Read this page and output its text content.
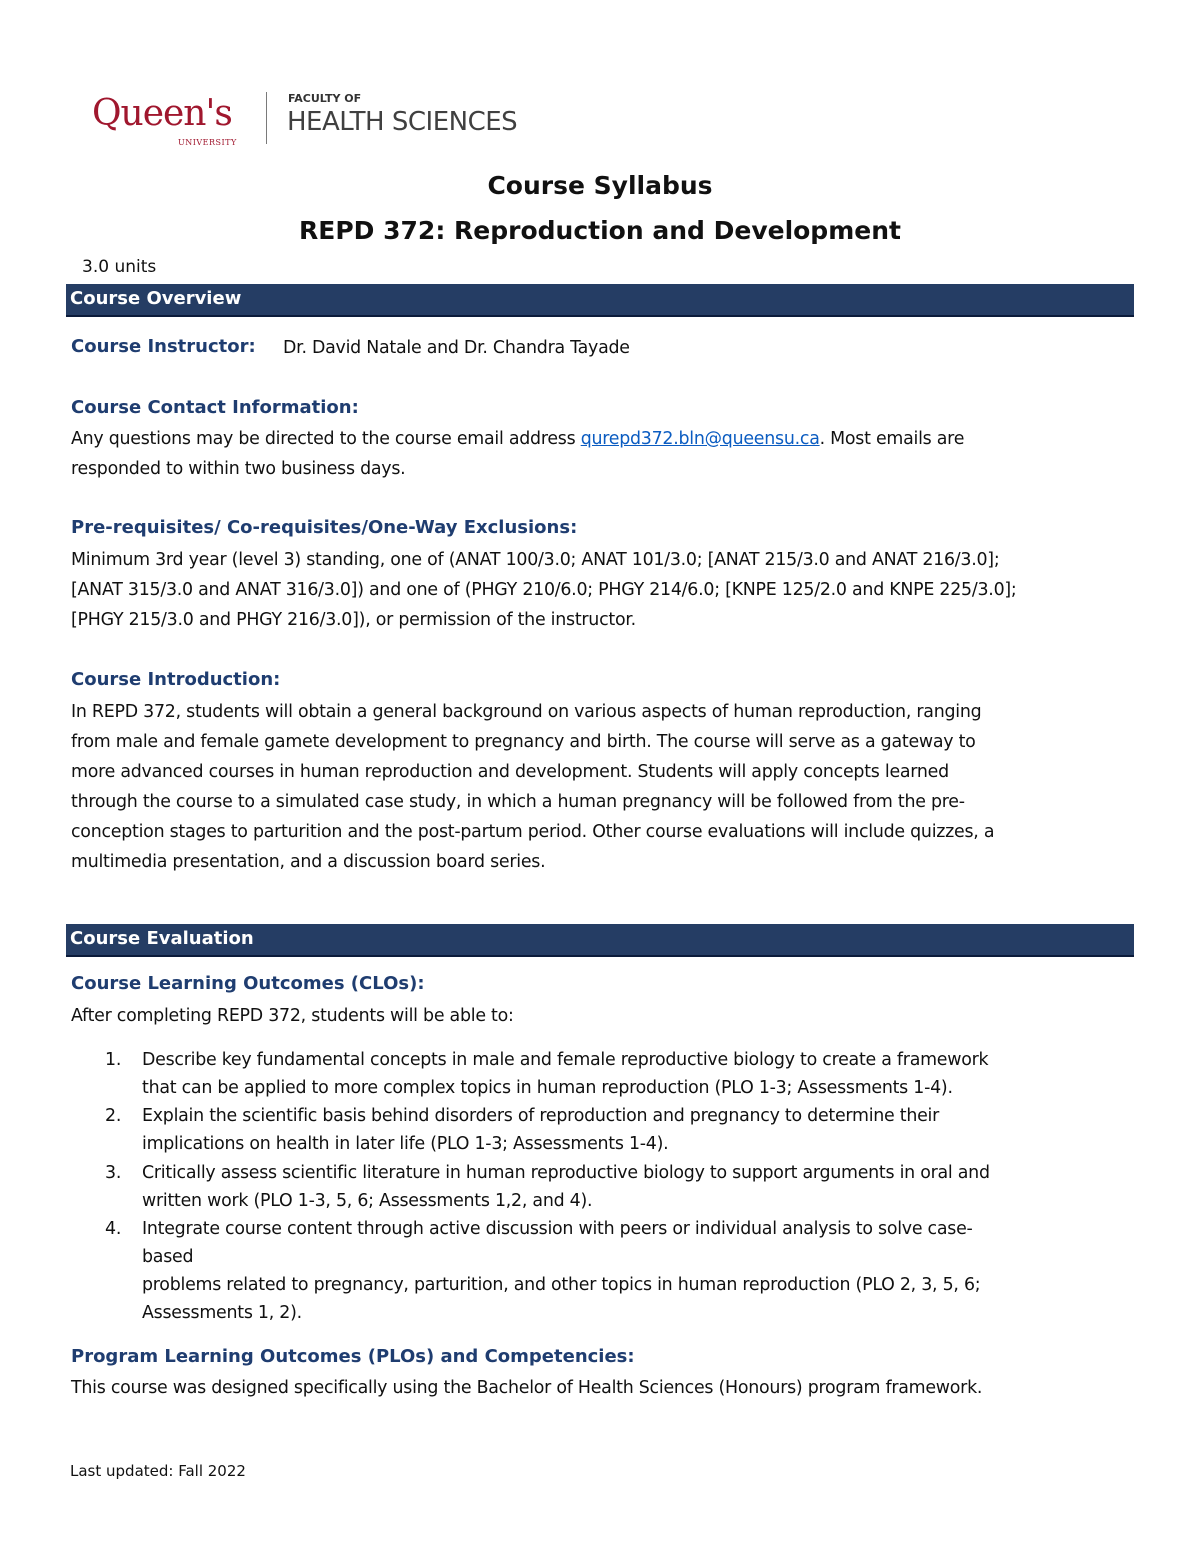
Queen's
UNIVERSITY
FACULTY OF
HEALTH SCIENCES
Course Syllabus
REPD 372: Reproduction and Development
3.0 units
Course Overview
Course Instructor: Dr. David Natale and Dr. Chandra Tayade
Course Contact Information:
Any questions may be directed to the course email address qurepd372.bln@queensu.ca. Most emails are
responded to within two business days.
Pre-requisites/ Co-requisites/One-Way Exclusions:
Minimum 3rd year (level 3) standing, one of (ANAT 100/3.0; ANAT 101/3.0; [ANAT 215/3.0 and ANAT 216/3.0];
[ANAT 315/3.0 and ANAT 316/3.0]) and one of (PHGY 210/6.0; PHGY 214/6.0; [KNPE 125/2.0 and KNPE 225/3.0];
[PHGY 215/3.0 and PHGY 216/3.0]), or permission of the instructor.
Course Introduction:
In REPD 372, students will obtain a general background on various aspects of human reproduction, ranging
from male and female gamete development to pregnancy and birth. The course will serve as a gateway to
more advanced courses in human reproduction and development. Students will apply concepts learned
through the course to a simulated case study, in which a human pregnancy will be followed from the pre-
conception stages to parturition and the post-partum period. Other course evaluations will include quizzes, a
multimedia presentation, and a discussion board series.
Course Evaluation
Course Learning Outcomes (CLOs):
After completing REPD 372, students will be able to:
1. Describe key fundamental concepts in male and female reproductive biology to create a framework
that can be applied to more complex topics in human reproduction (PLO 1-3; Assessments 1-4).
2. Explain the scientific basis behind disorders of reproduction and pregnancy to determine their
implications on health in later life (PLO 1-3; Assessments 1-4).
3. Critically assess scientific literature in human reproductive biology to support arguments in oral and
written work (PLO 1-3, 5, 6; Assessments 1,2, and 4).
4. Integrate course content through active discussion with peers or individual analysis to solve case-
based
problems related to pregnancy, parturition, and other topics in human reproduction (PLO 2, 3, 5, 6;
Assessments 1, 2).
Program Learning Outcomes (PLOs) and Competencies:
This course was designed specifically using the Bachelor of Health Sciences (Honours) program framework.
Last updated: Fall 2022
